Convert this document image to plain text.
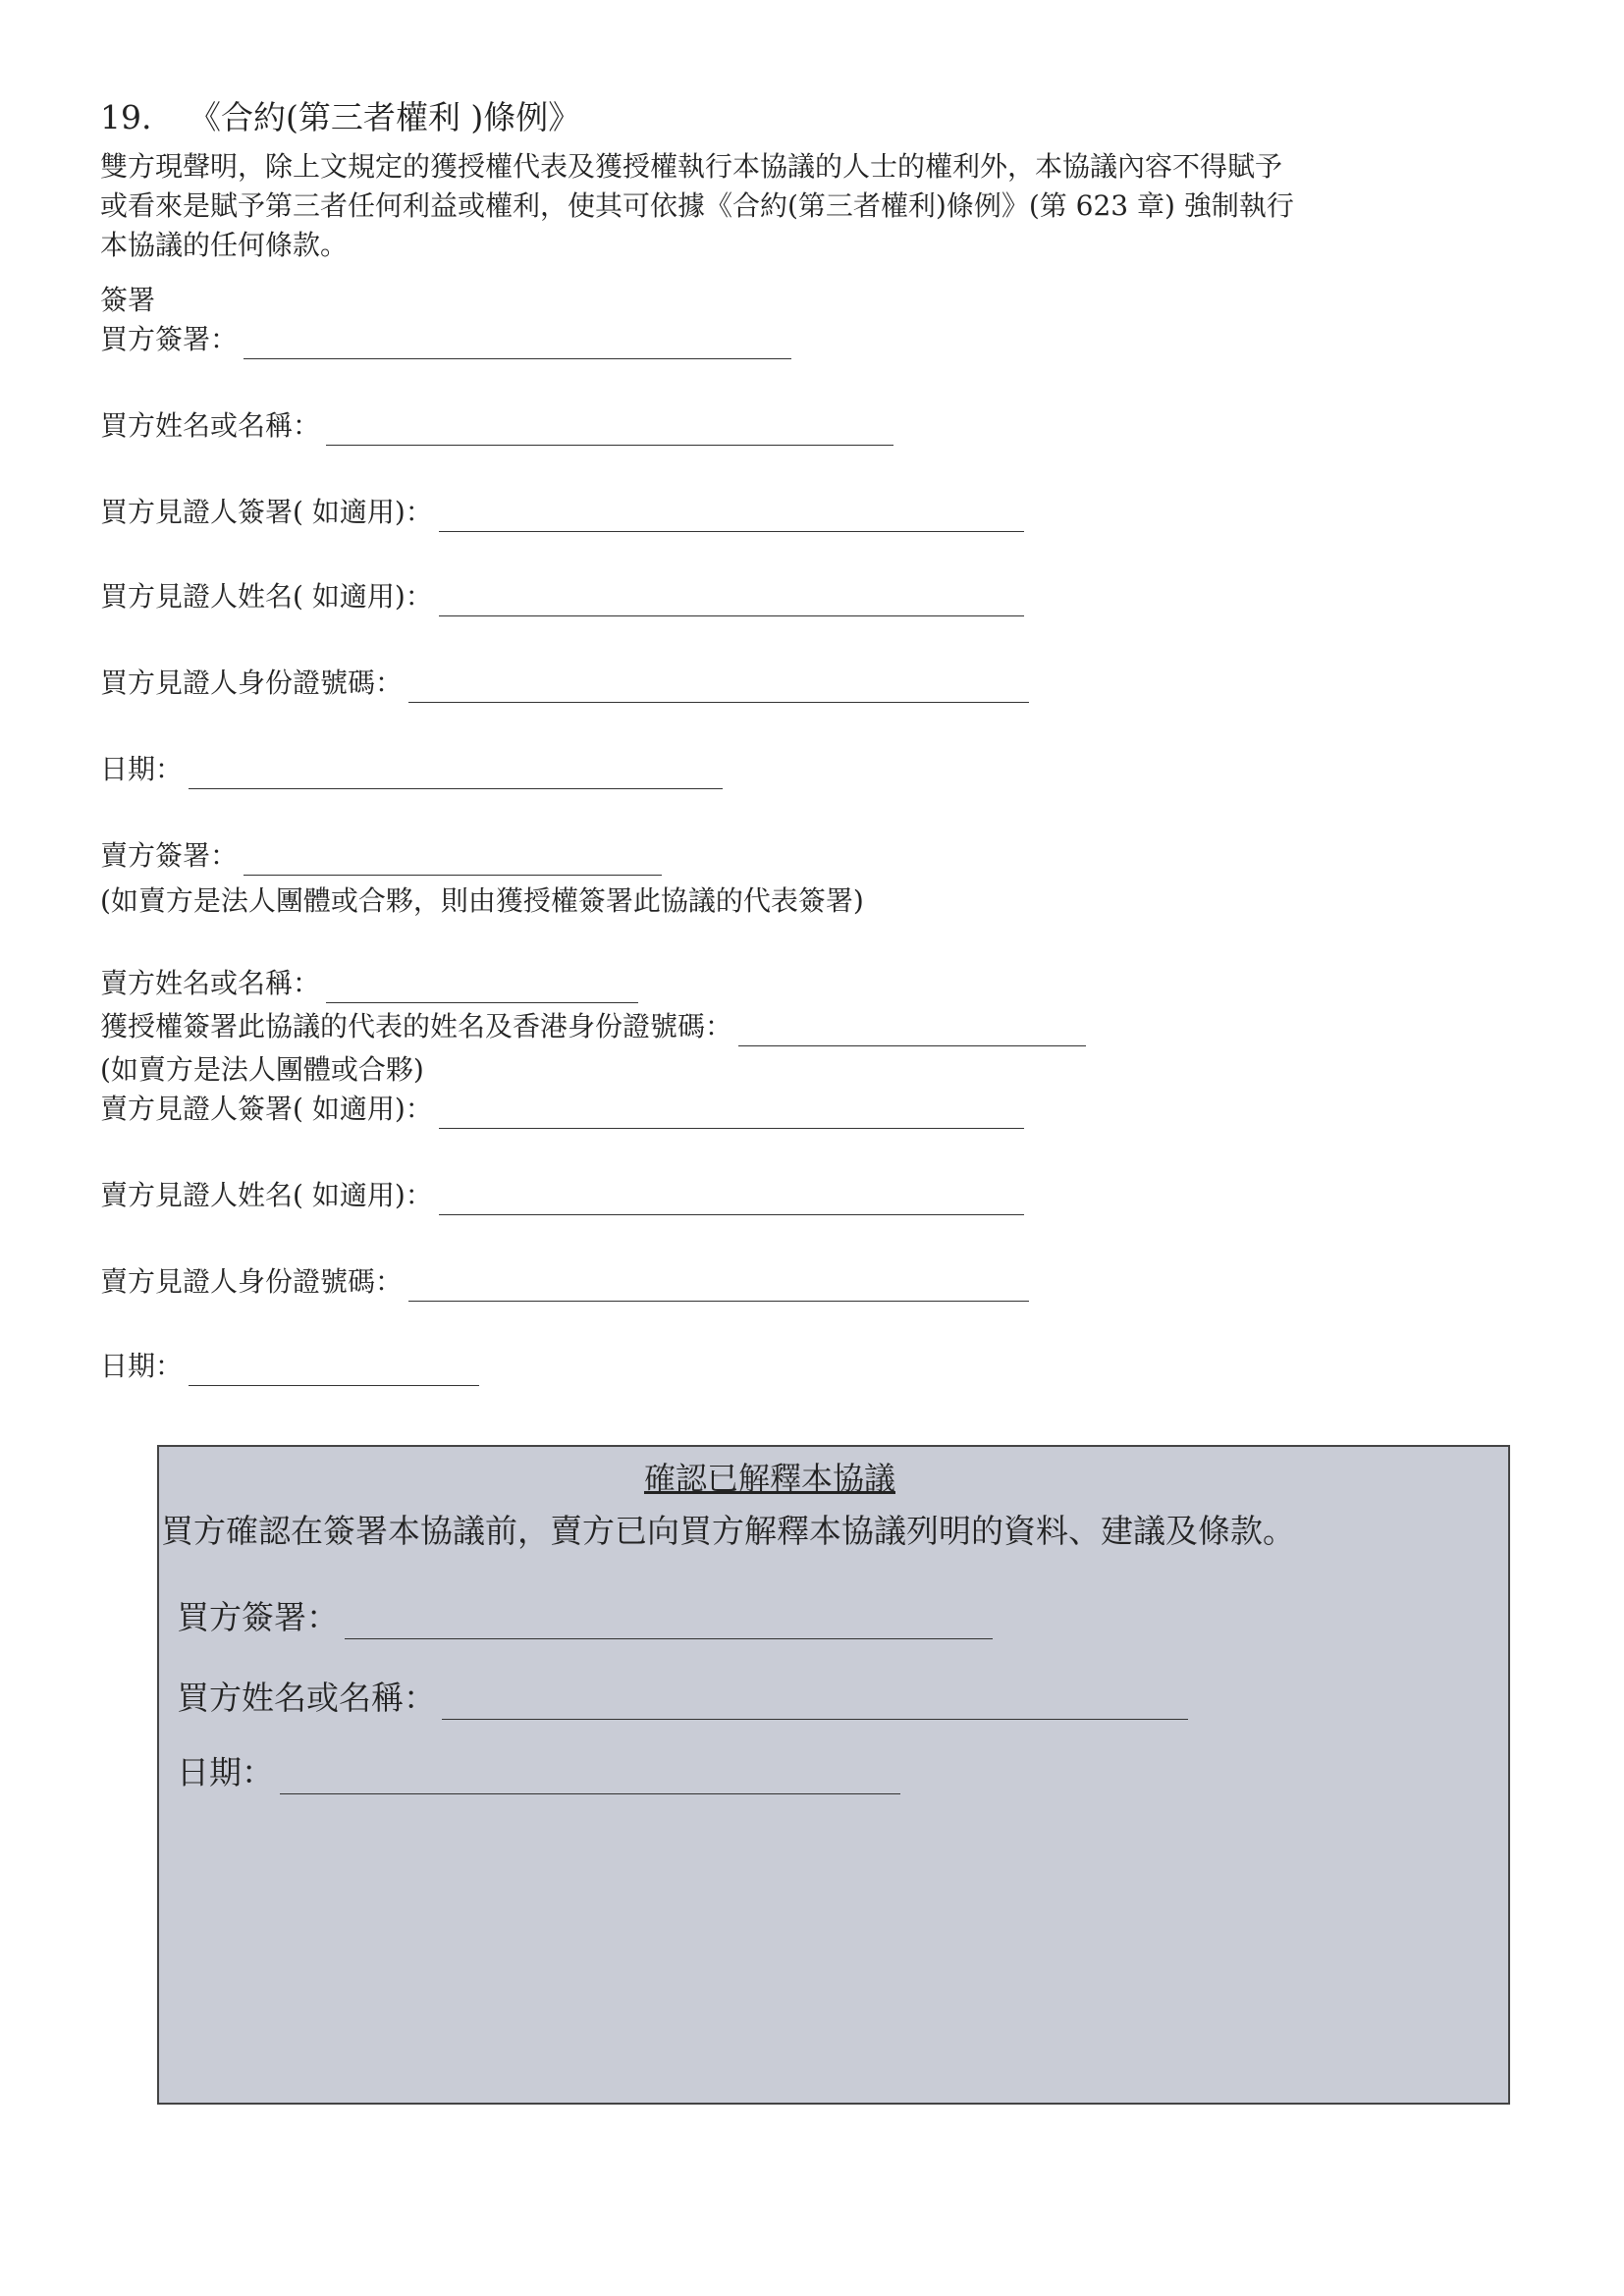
19. 《合約(第三者權利 )條例》
雙方現聲明，除上文規定的獲授權代表及獲授權執行本協議的人士的權利外，本協議內容不得賦予
或看來是賦予第三者任何利益或權利，使其可依據《合約(第三者權利)條例》(第 623 章) 強制執行
本協議的任何條款。
簽署
買方簽署：
買方姓名或名稱：
買方見證人簽署( 如適用)：
買方見證人姓名( 如適用)：
買方見證人身份證號碼：
日期：
賣方簽署：
(如賣方是法人團體或合夥，則由獲授權簽署此協議的代表簽署)
賣方姓名或名稱：
獲授權簽署此協議的代表的姓名及香港身份證號碼：
(如賣方是法人團體或合夥)
賣方見證人簽署( 如適用)：
賣方見證人姓名( 如適用)：
賣方見證人身份證號碼：
日期：
確認已解釋本協議
買方確認在簽署本協議前，賣方已向買方解釋本協議列明的資料、建議及條款。
買方簽署：
買方姓名或名稱：
日期：
